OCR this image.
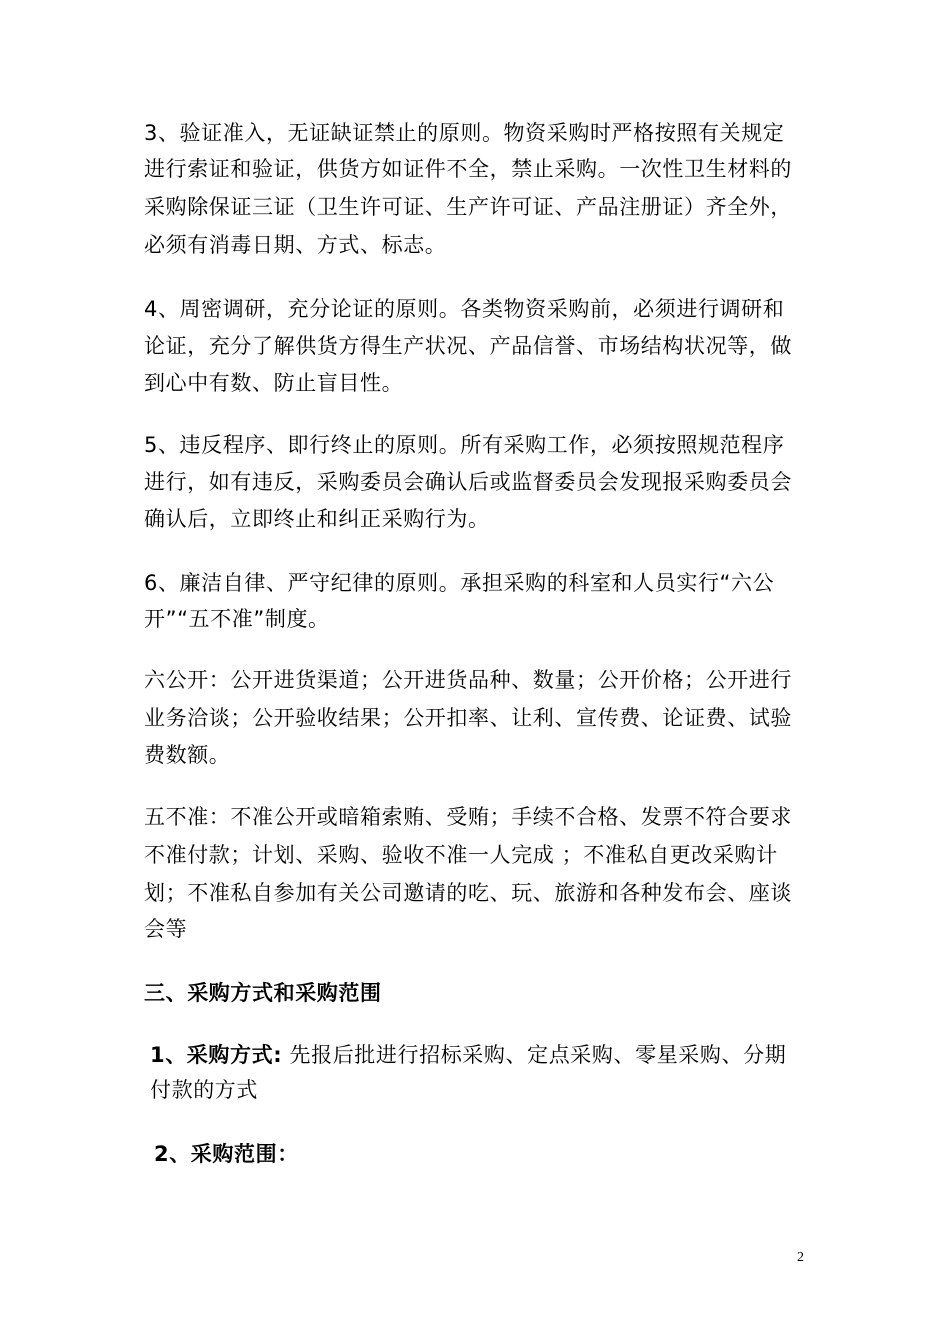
3、验证准入，无证缺证禁止的原则。物资采购时严格按照有关规定
进行索证和验证，供货方如证件不全，禁止采购。一次性卫生材料的
采购除保证三证（卫生许可证、生产许可证、产品注册证）齐全外，
必须有消毒日期、方式、标志。
4、周密调研，充分论证的原则。各类物资采购前，必须进行调研和
论证，充分了解供货方得生产状况、产品信誉、市场结构状况等，做
到心中有数、防止盲目性。
5、违反程序、即行终止的原则。所有采购工作，必须按照规范程序
进行，如有违反，采购委员会确认后或监督委员会发现报采购委员会
确认后，立即终止和纠正采购行为。
6、廉洁自律、严守纪律的原则。承担采购的科室和人员实行“六公
开”“五不准”制度。
六公开：公开进货渠道；公开进货品种、数量；公开价格；公开进行
业务洽谈；公开验收结果；公开扣率、让利、宣传费、论证费、试验
费数额。
五不准：不准公开或暗箱索贿、受贿；手续不合格、发票不符合要求
不准付款；计划、采购、验收不准一人完成 ；不准私自更改采购计
划；不准私自参加有关公司邀请的吃、玩、旅游和各种发布会、座谈
会等
三、采购方式和采购范围
1、采购方式: 先报后批进行招标采购、定点采购、零星采购、分期
付款的方式
2、采购范围：
2
